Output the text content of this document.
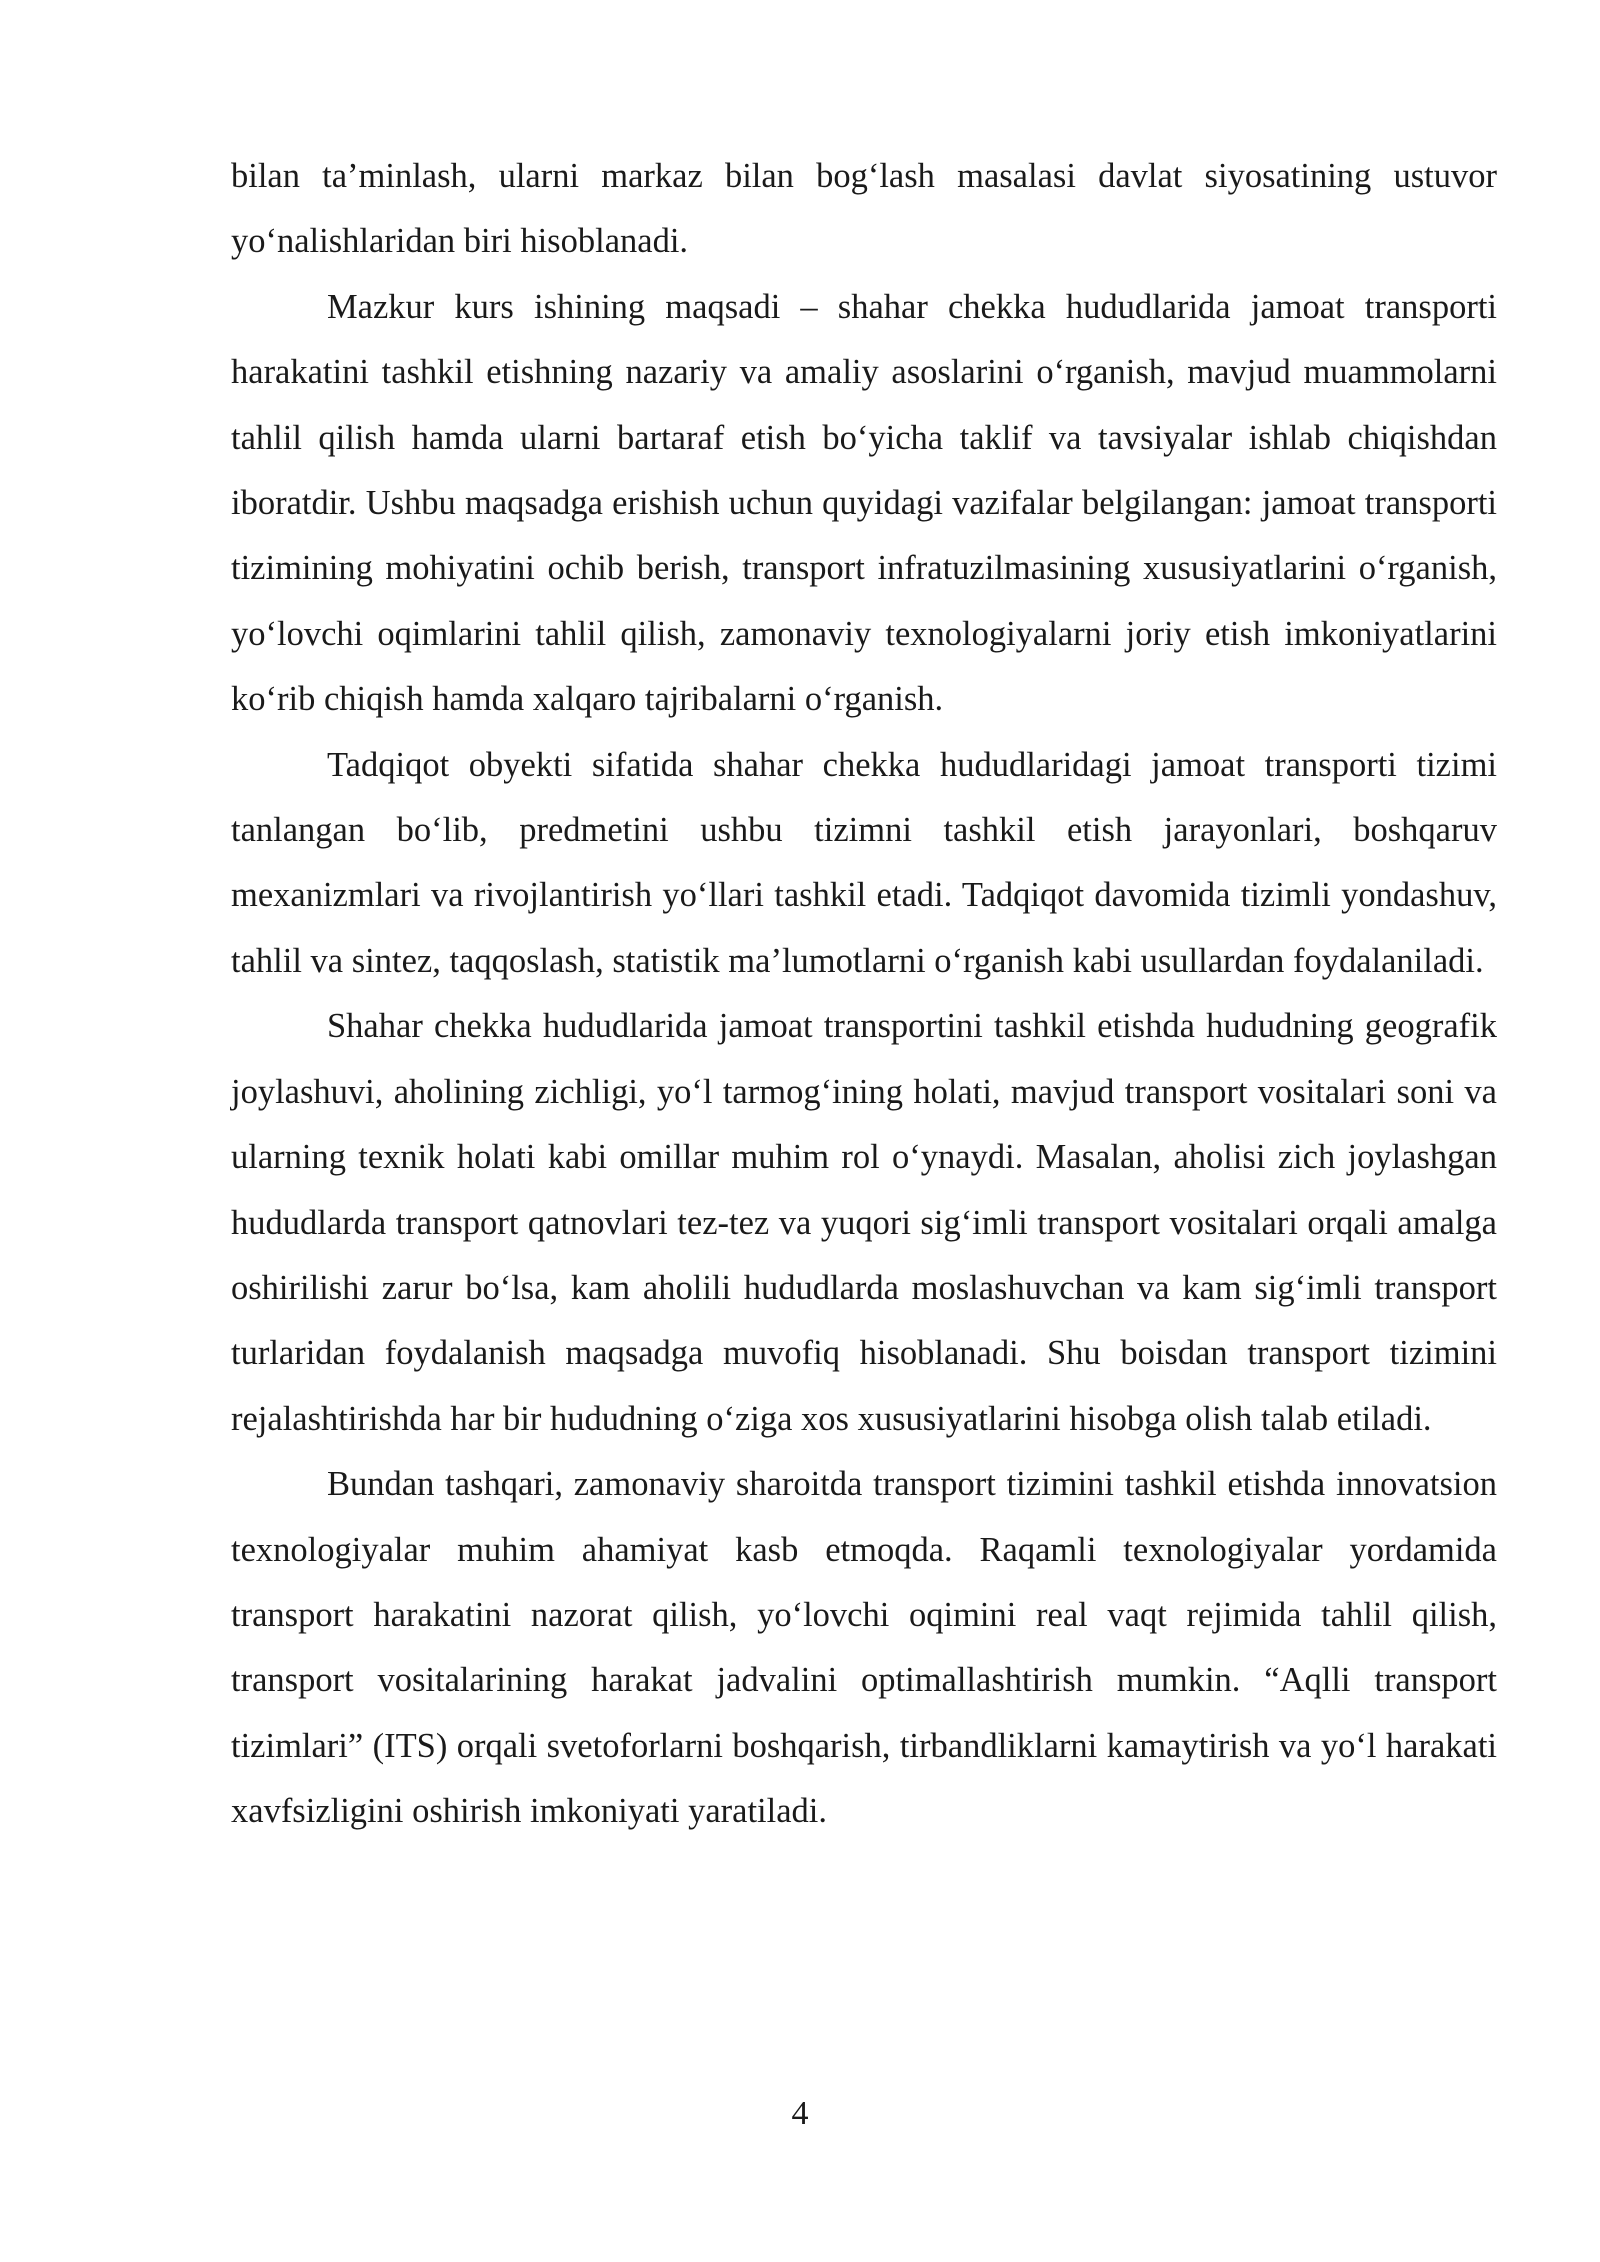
bilan ta’minlash, ularni markaz bilan bog‘lash masalasi davlat siyosatining ustuvor yo‘nalishlaridan biri hisoblanadi.

Mazkur kurs ishining maqsadi – shahar chekka hududlarida jamoat transporti harakatini tashkil etishning nazariy va amaliy asoslarini o‘rganish, mavjud muammolarni tahlil qilish hamda ularni bartaraf etish bo‘yicha taklif va tavsiyalar ishlab chiqishdan iboratdir. Ushbu maqsadga erishish uchun quyidagi vazifalar belgilangan: jamoat transporti tizimining mohiyatini ochib berish, transport infratuzilmasining xususiyatlarini o‘rganish, yo‘lovchi oqimlarini tahlil qilish, zamonaviy texnologiyalarni joriy etish imkoniyatlarini ko‘rib chiqish hamda xalqaro tajribalarni o‘rganish.

Tadqiqot obyekti sifatida shahar chekka hududlaridagi jamoat transporti tizimi tanlangan bo‘lib, predmetini ushbu tizimni tashkil etish jarayonlari, boshqaruv mexanizmlari va rivojlantirish yo‘llari tashkil etadi. Tadqiqot davomida tizimli yondashuv, tahlil va sintez, taqqoslash, statistik ma’lumotlarni o‘rganish kabi usullardan foydalaniladi.

Shahar chekka hududlarida jamoat transportini tashkil etishda hududning geografik joylashuvi, aholining zichligi, yo‘l tarmog‘ining holati, mavjud transport vositalari soni va ularning texnik holati kabi omillar muhim rol o‘ynaydi. Masalan, aholisi zich joylashgan hududlarda transport qatnovlari tez-tez va yuqori sig‘imli transport vositalari orqali amalga oshirilishi zarur bo‘lsa, kam aholili hududlarda moslashuvchan va kam sig‘imli transport turlaridan foydalanish maqsadga muvofiq hisoblanadi. Shu boisdan transport tizimini rejalashtirishda har bir hududning o‘ziga xos xususiyatlarini hisobga olish talab etiladi.

Bundan tashqari, zamonaviy sharoitda transport tizimini tashkil etishda innovatsion texnologiyalar muhim ahamiyat kasb etmoqda. Raqamli texnologiyalar yordamida transport harakatini nazorat qilish, yo‘lovchi oqimini real vaqt rejimida tahlil qilish, transport vositalarining harakat jadvalini optimallashtirish mumkin. “Aqlli transport tizimlari” (ITS) orqali svetoforlarni boshqarish, tirbandliklarni kamaytirish va yo‘l harakati xavfsizligini oshirish imkoniyati yaratiladi.

4
